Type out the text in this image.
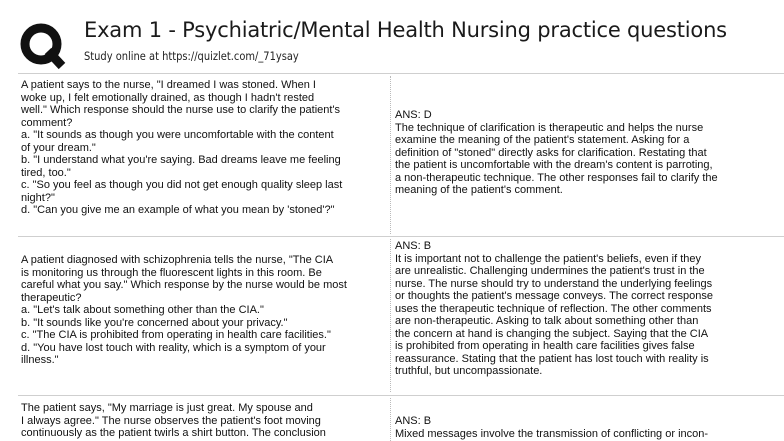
Exam 1 - Psychiatric/Mental Health Nursing practice questions
Study online at https://quizlet.com/_71ysay
A patient says to the nurse, "I dreamed I was stoned. When I
woke up, I felt emotionally drained, as though I hadn't rested
well." Which response should the nurse use to clarify the patient's
comment?
a. "It sounds as though you were uncomfortable with the content
of your dream."
b. "I understand what you're saying. Bad dreams leave me feeling
tired, too."
c. "So you feel as though you did not get enough quality sleep last
night?"
d. "Can you give me an example of what you mean by 'stoned'?"
ANS: D
The technique of clarification is therapeutic and helps the nurse
examine the meaning of the patient's statement. Asking for a
definition of "stoned" directly asks for clarification. Restating that
the patient is uncomfortable with the dream's content is parroting,
a non-therapeutic technique. The other responses fail to clarify the
meaning of the patient's comment.
A patient diagnosed with schizophrenia tells the nurse, "The CIA
is monitoring us through the fluorescent lights in this room. Be
careful what you say." Which response by the nurse would be most
therapeutic?
a. "Let's talk about something other than the CIA."
b. "It sounds like you're concerned about your privacy."
c. "The CIA is prohibited from operating in health care facilities."
d. "You have lost touch with reality, which is a symptom of your
illness."
ANS: B
It is important not to challenge the patient's beliefs, even if they
are unrealistic. Challenging undermines the patient's trust in the
nurse. The nurse should try to understand the underlying feelings
or thoughts the patient's message conveys. The correct response
uses the therapeutic technique of reflection. The other comments
are non-therapeutic. Asking to talk about something other than
the concern at hand is changing the subject. Saying that the CIA
is prohibited from operating in health care facilities gives false
reassurance. Stating that the patient has lost touch with reality is
truthful, but uncompassionate.
The patient says, "My marriage is just great. My spouse and
I always agree." The nurse observes the patient's foot moving
continuously as the patient twirls a shirt button. The conclusion
ANS: B
Mixed messages involve the transmission of conflicting or incon-
